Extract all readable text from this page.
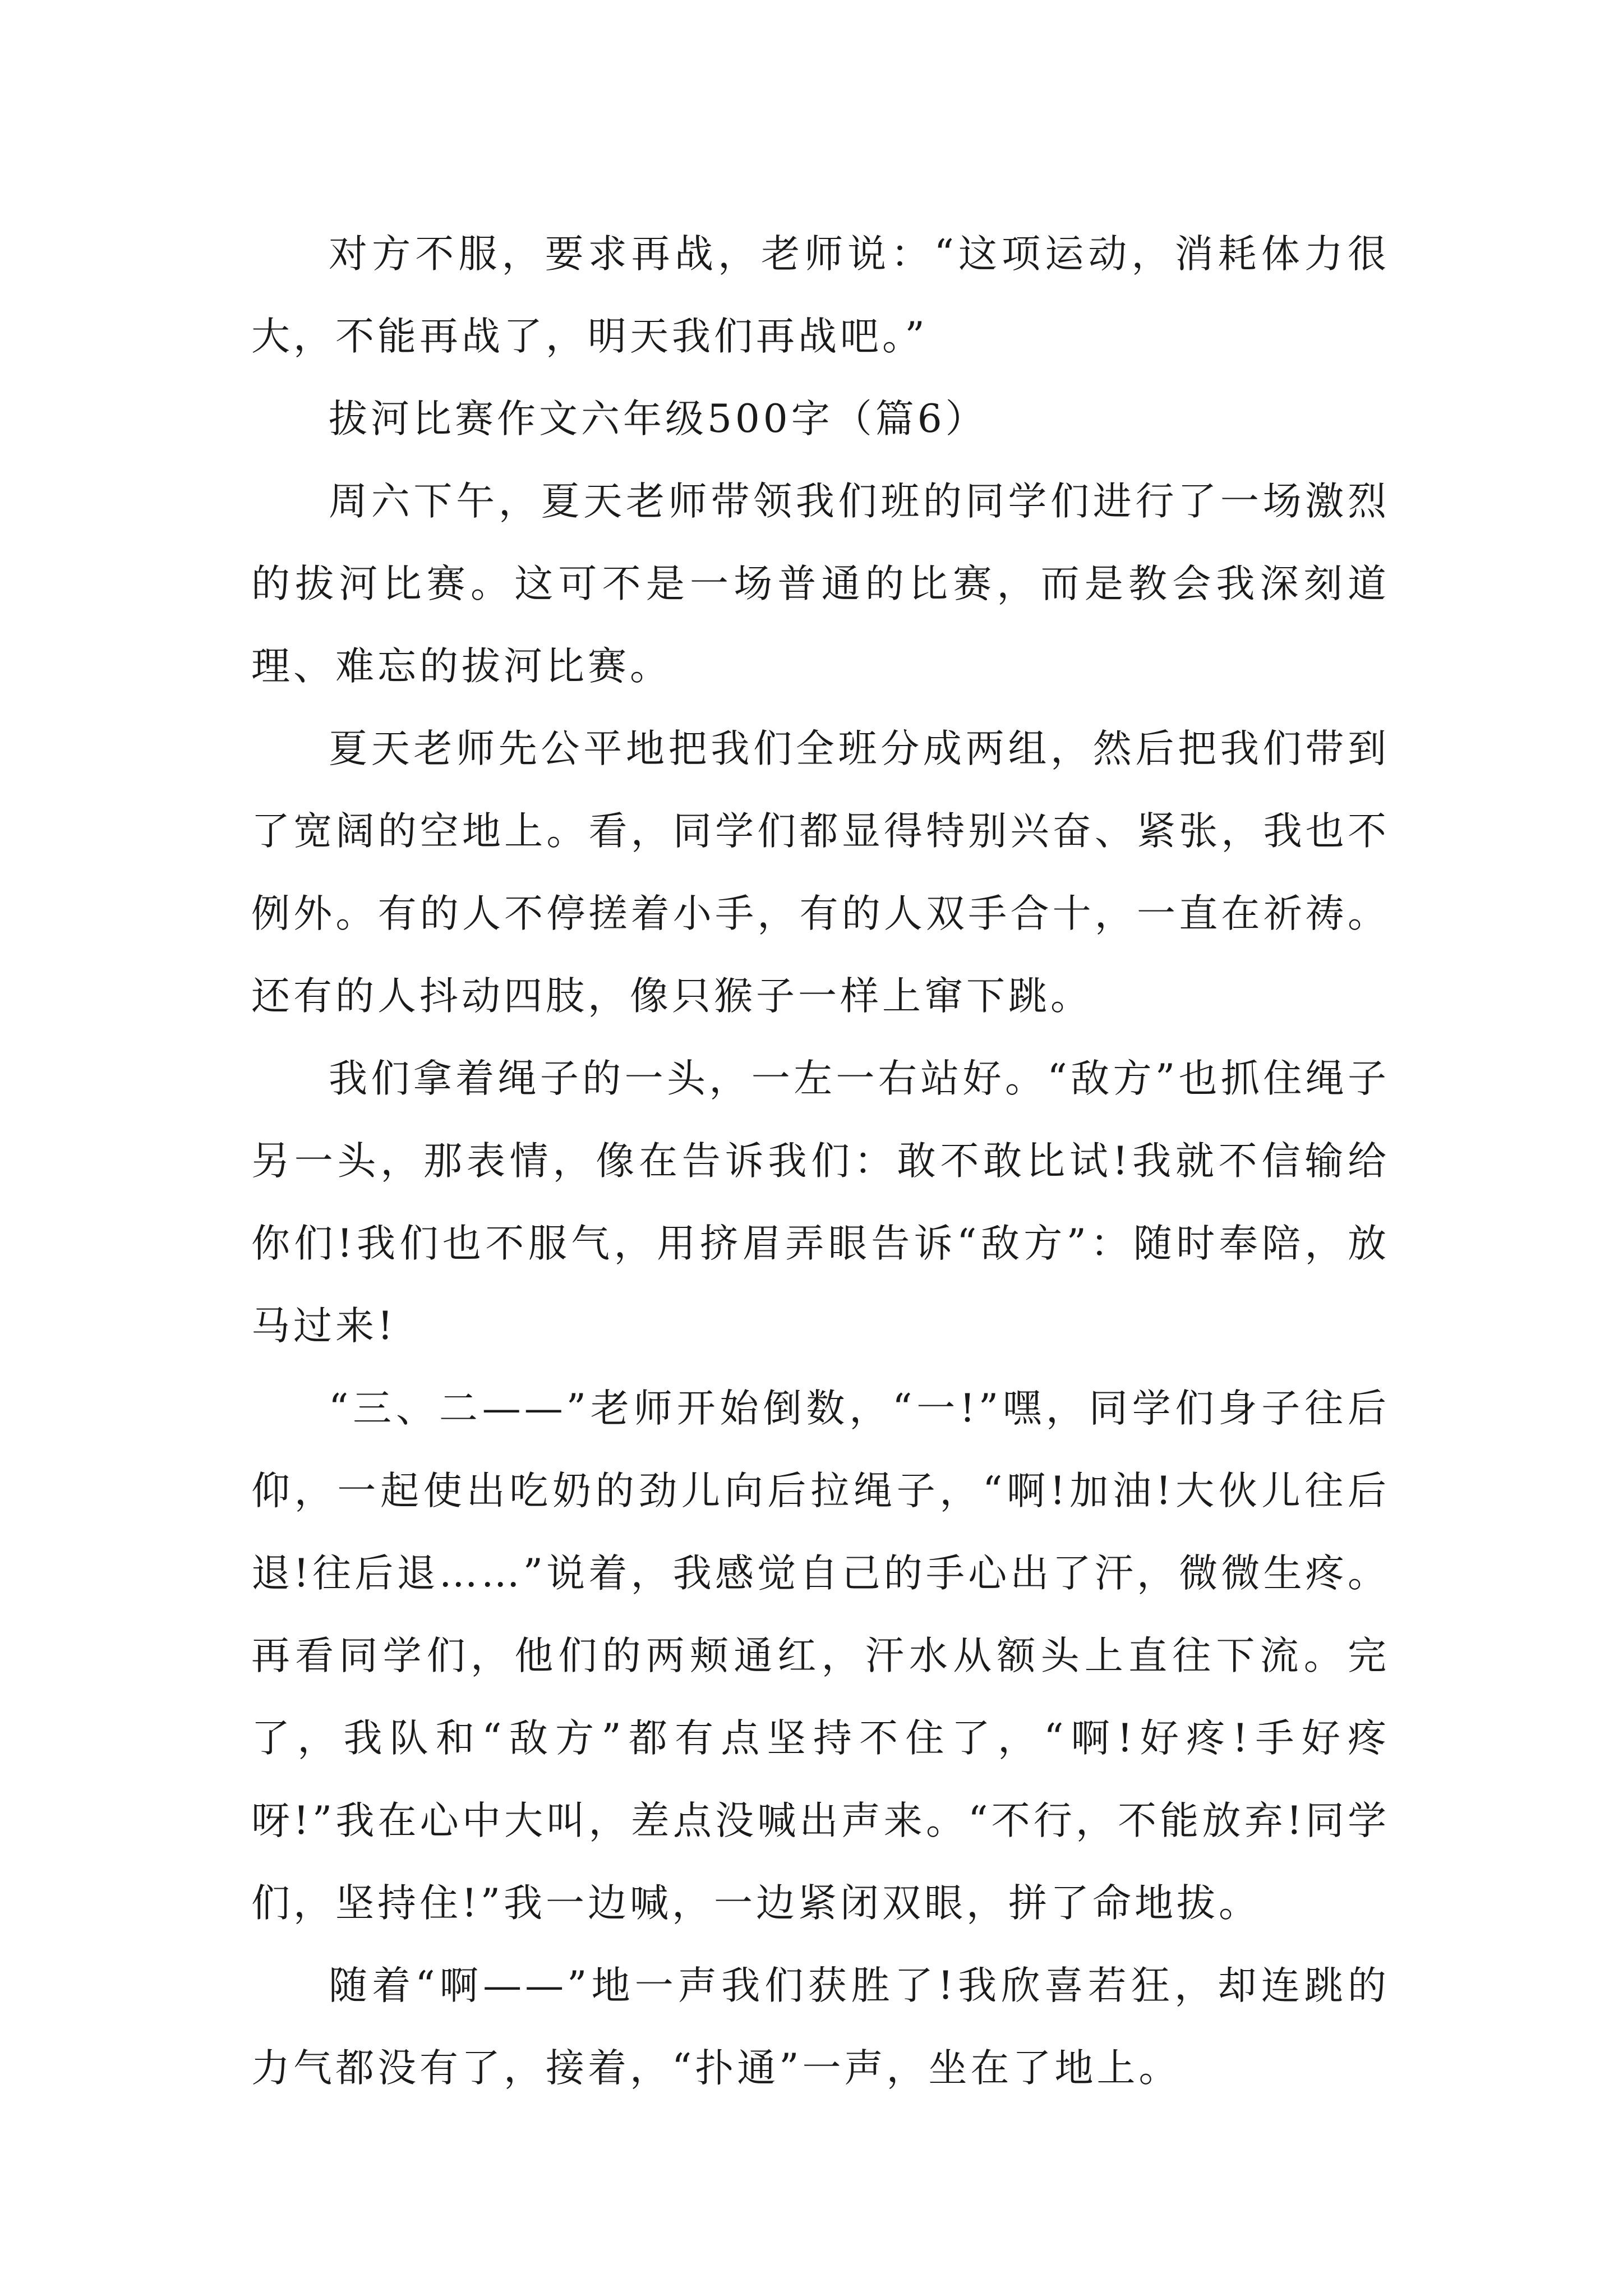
对方不服，要求再战，老师说：“这项运动，消耗体力很大，不能再战了，明天我们再战吧。”

拔河比赛作文六年级500字（篇6）

周六下午，夏天老师带领我们班的同学们进行了一场激烈的拔河比赛。这可不是一场普通的比赛，而是教会我深刻道理、难忘的拔河比赛。

夏天老师先公平地把我们全班分成两组，然后把我们带到了宽阔的空地上。看，同学们都显得特别兴奋、紧张，我也不例外。有的人不停搓着小手，有的人双手合十，一直在祈祷。还有的人抖动四肢，像只猴子一样上窜下跳。

我们拿着绳子的一头，一左一右站好。“敌方”也抓住绳子另一头，那表情，像在告诉我们：敢不敢比试!我就不信输给你们!我们也不服气，用挤眉弄眼告诉“敌方”：随时奉陪，放马过来!

“三、二——”老师开始倒数，“一!”嘿，同学们身子往后仰，一起使出吃奶的劲儿向后拉绳子，“啊!加油!大伙儿往后退!往后退……”说着，我感觉自己的手心出了汗，微微生疼。再看同学们，他们的两颊通红，汗水从额头上直往下流。完了，我队和“敌方”都有点坚持不住了，“啊!好疼!手好疼呀!”我在心中大叫，差点没喊出声来。“不行，不能放弃!同学们，坚持住!”我一边喊，一边紧闭双眼，拼了命地拔。

随着“啊——”地一声我们获胜了!我欣喜若狂，却连跳的力气都没有了，接着，“扑通”一声，坐在了地上。
